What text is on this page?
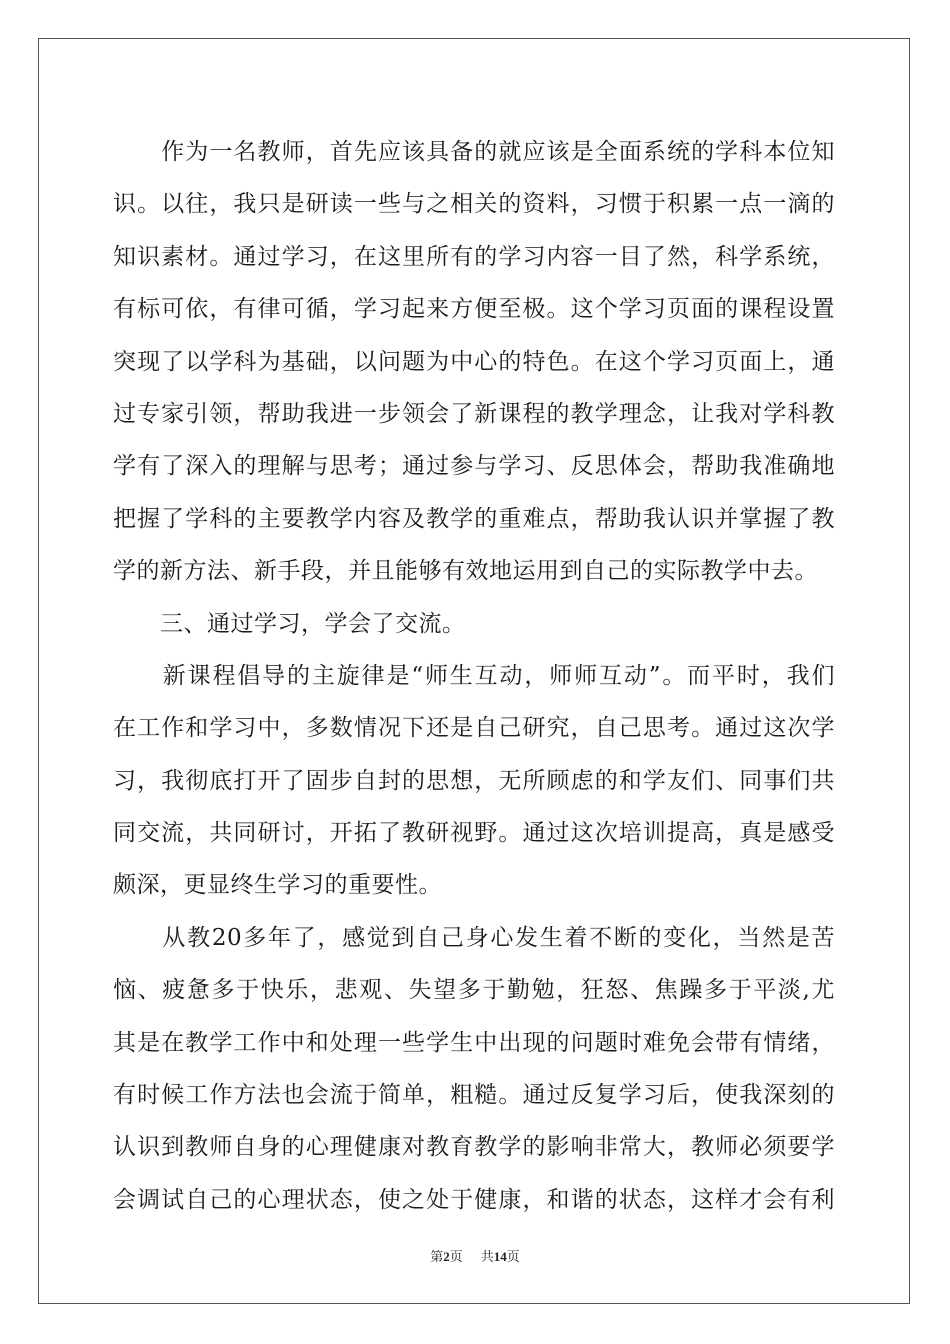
　　作为一名教师，首先应该具备的就应该是全面系统的学科本位知
识。以往，我只是研读一些与之相关的资料，习惯于积累一点一滴的
知识素材。通过学习，在这里所有的学习内容一目了然，科学系统，
有标可依，有律可循，学习起来方便至极。这个学习页面的课程设置
突现了以学科为基础，以问题为中心的特色。在这个学习页面上，通
过专家引领，帮助我进一步领会了新课程的教学理念，让我对学科教
学有了深入的理解与思考；通过参与学习、反思体会，帮助我准确地
把握了学科的主要教学内容及教学的重难点，帮助我认识并掌握了教
学的新方法、新手段，并且能够有效地运用到自己的实际教学中去。
　　三、通过学习，学会了交流。
　　新课程倡导的主旋律是“师生互动，师师互动”。而平时，我们
在工作和学习中，多数情况下还是自己研究，自己思考。通过这次学
习，我彻底打开了固步自封的思想，无所顾虑的和学友们、同事们共
同交流，共同研讨，开拓了教研视野。通过这次培训提高，真是感受
颇深，更显终生学习的重要性。
　　从教20多年了，感觉到自己身心发生着不断的变化，当然是苦
恼、疲惫多于快乐，悲观、失望多于勤勉，狂怒、焦躁多于平淡,尤
其是在教学工作中和处理一些学生中出现的问题时难免会带有情绪，
有时候工作方法也会流于简单，粗糙。通过反复学习后，使我深刻的
认识到教师自身的心理健康对教育教学的影响非常大，教师必须要学
会调试自己的心理状态，使之处于健康，和谐的状态，这样才会有利
第2页 共14页
